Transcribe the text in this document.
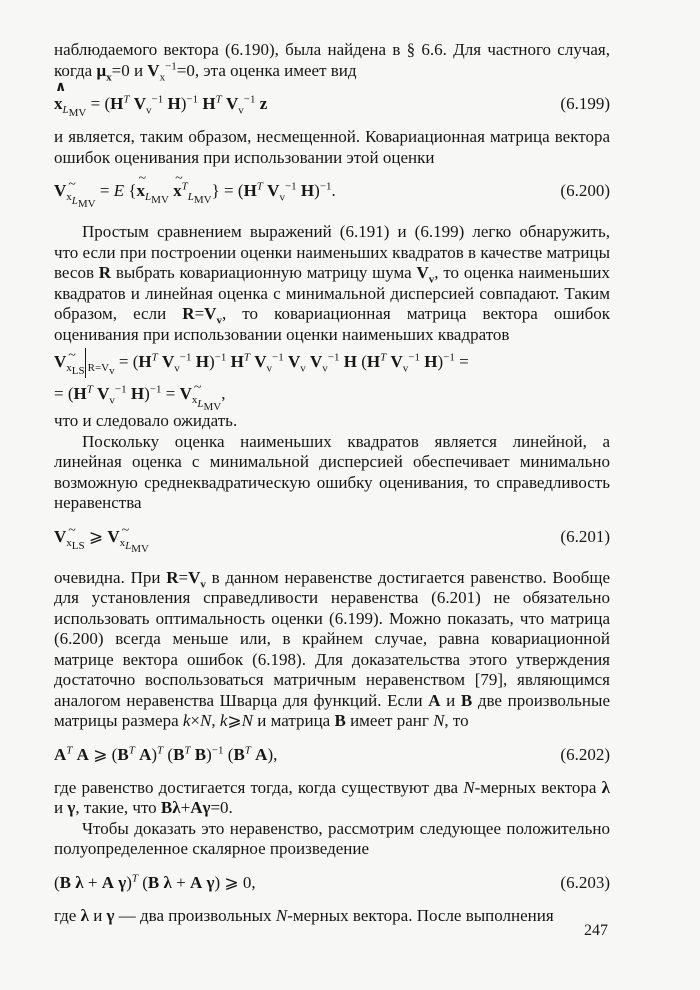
наблюдаемого вектора (6.190), была найдена в § 6.6. Для частного случая, когда $\mu_x=0$ и $V_x^{-1}=0$, эта оценка имеет вид

∧ $x_{L_{MV}} = (H^T$ $V_v^{-1}$ H)$^{-1}$ $H^T$ $V_v^{-1}$ z	(6.199)

и является, таким образом, несмещенной. Ковариационная матрица вектора ошибок оценивания при использовании этой оценки

$V_{x_{L_{MV}}} = E$ {~ $x_{L_{MV}}$ ~ $x^T_{L_{MV}}\} = (H^T$ $V_v^{-1}$ H)$^{-1}$.	(6.200)

Простым сравнением выражений (6.191) и (6.199) легко обнаружить, что если при построении оценки наименьших квадратов в качестве матрицы весов R выбрать ковариационную матрицу шума $V_v$, то оценка наименьших квадратов и линейная оценка с минимальной дисперсией совпадают. Таким образом, если $R=V_v$, то ковариационная матрица вектора ошибок оценивания при использовании оценки наименьших квадратов

$V_{x_{LS}}$ $R=V_v = (H^T$ $V_v^{-1}$ H)$^{-1}$ $H^T$ $V_v^{-1}$ $V_v$ $V_v^{-1}$ H ($H^T$ $V_v^{-1}$ H)$^{-1}$ =
= ($H^T$ $V_v^{-1}$ $H)^{-1} = V_{x_{L_{MV}}}$,

что и следовало ожидать.

Поскольку оценка наименьших квадратов является линейной, а линейная оценка с минимальной дисперсией обеспечивает минимально возможную среднеквадратическую ошибку оценивания, то справедливость неравенства

$V_{x_{LS}}$ ⩾ $V_{x_{L_{MV}}}$
(6.201)

очевидна. При $R=V_v$ в данном неравенстве достигается равенство. Вообще для установления справедливости неравенства (6.201) не обязательно использовать оптимальность оценки (6.199). Можно показать, что матрица (6.200) всегда меньше или, в крайнем случае, равна ковариационной матрице вектора ошибок (6.198). Для доказательства этого утверждения достаточно воспользоваться матричным неравенством [79], являющимся аналогом неравенства Шварца для функций. Если A и B две произвольные матрицы размера k×N, k⩾N и матрица B имеет ранг N, то

$A^T$ A ⩾ ($B^T$ A)$^T$ ($B^T$ B)$^{-1}$ ($B^T$ A),	(6.202)

где равенство достигается тогда, когда существуют два N-мерных вектора λ и γ, такие, что Bλ+Aγ=0.

Чтобы доказать это неравенство, рассмотрим следующее положительно полуопределенное скалярное произведение

(B λ + A γ)$^T$ (B λ + A γ) ⩾ 0,	(6.203)

где λ и γ — два произвольных N-мерных вектора. После выполнения

247
